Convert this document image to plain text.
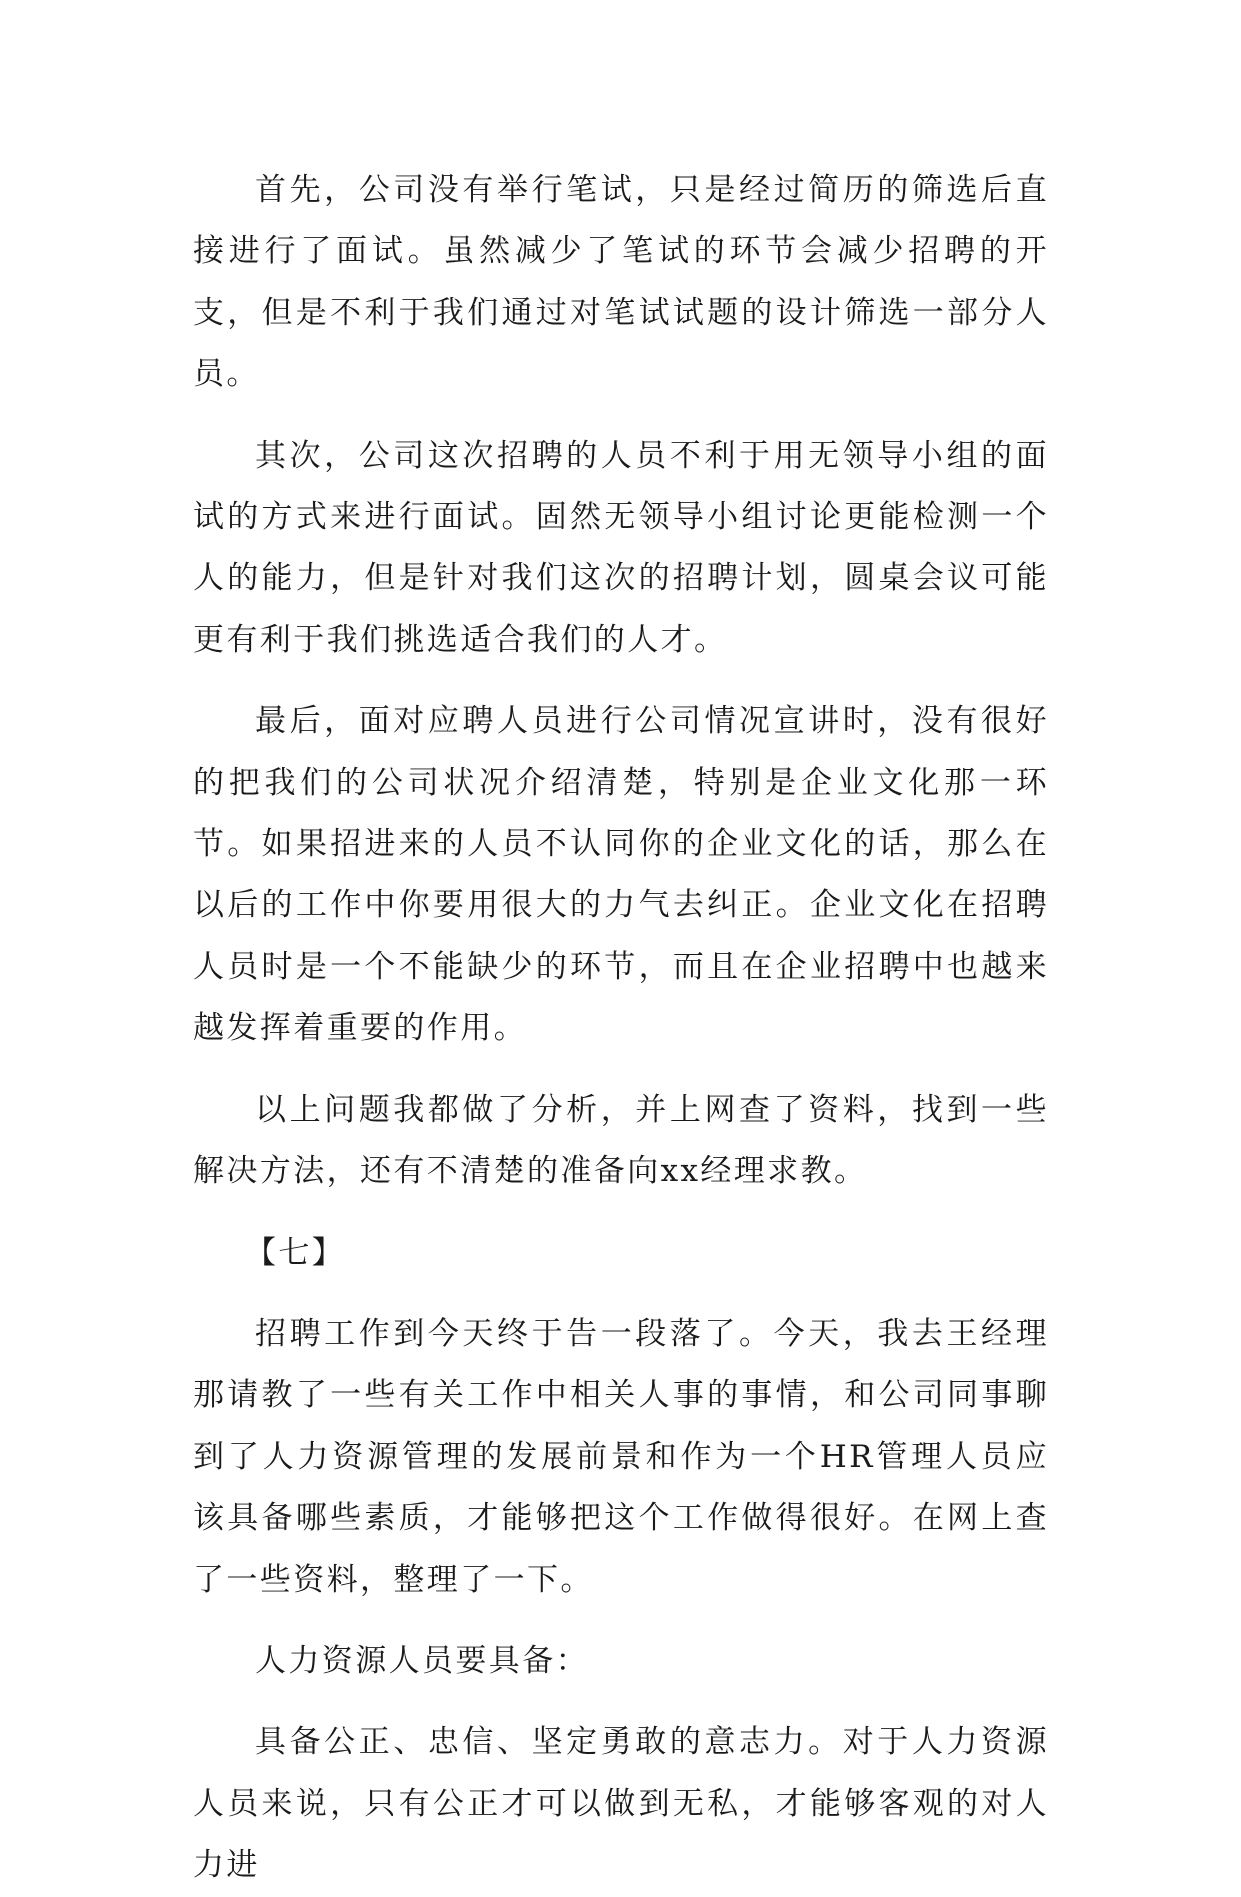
首先，公司没有举行笔试，只是经过简历的筛选后直接进行了面试。虽然减少了笔试的环节会减少招聘的开支，但是不利于我们通过对笔试试题的设计筛选一部分人员。

其次，公司这次招聘的人员不利于用无领导小组的面试的方式来进行面试。固然无领导小组讨论更能检测一个人的能力，但是针对我们这次的招聘计划，圆桌会议可能更有利于我们挑选适合我们的人才。

最后，面对应聘人员进行公司情况宣讲时，没有很好的把我们的公司状况介绍清楚，特别是企业文化那一环节。如果招进来的人员不认同你的企业文化的话，那么在以后的工作中你要用很大的力气去纠正。企业文化在招聘人员时是一个不能缺少的环节，而且在企业招聘中也越来越发挥着重要的作用。

以上问题我都做了分析，并上网查了资料，找到一些解决方法，还有不清楚的准备向xx经理求教。

【七】

招聘工作到今天终于告一段落了。今天，我去王经理那请教了一些有关工作中相关人事的事情，和公司同事聊到了人力资源管理的发展前景和作为一个HR管理人员应该具备哪些素质，才能够把这个工作做得很好。在网上查了一些资料，整理了一下。

人力资源人员要具备：

具备公正、忠信、坚定勇敢的意志力。对于人力资源人员来说，只有公正才可以做到无私，才能够客观的对人力进
